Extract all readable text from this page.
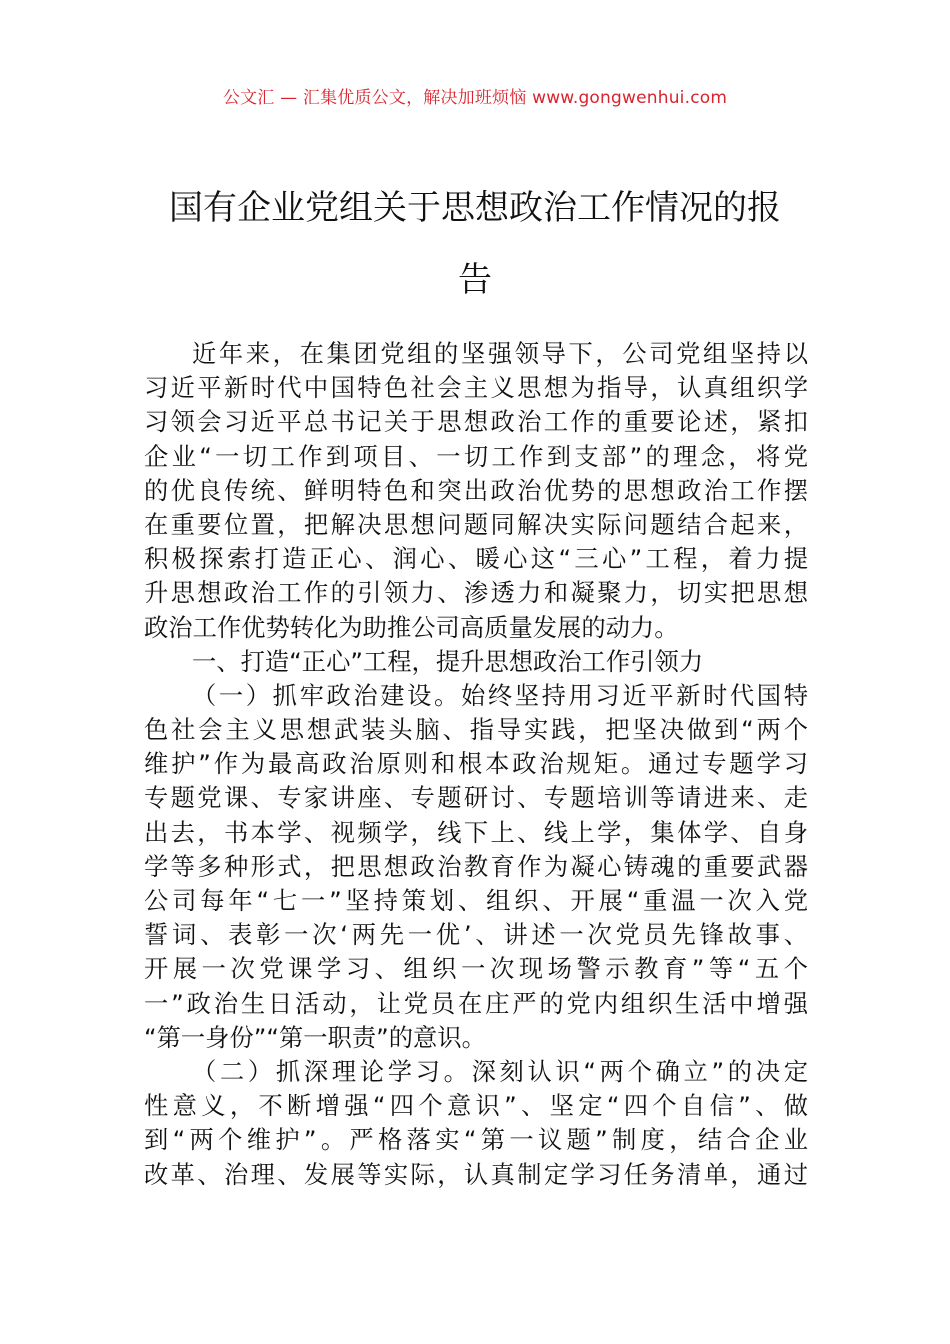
公文汇 — 汇集优质公文，解决加班烦恼 www.gongwenhui.com
国有企业党组关于思想政治工作情况的报
告
近年来，在集团党组的坚强领导下，公司党组坚持以
习近平新时代中国特色社会主义思想为指导，认真组织学
习领会习近平总书记关于思想政治工作的重要论述，紧扣
企业“一切工作到项目、一切工作到支部”的理念，将党
的优良传统、鲜明特色和突出政治优势的思想政治工作摆
在重要位置，把解决思想问题同解决实际问题结合起来，
积极探索打造正心、润心、暖心这“三心”工程，着力提
升思想政治工作的引领力、渗透力和凝聚力，切实把思想
政治工作优势转化为助推公司高质量发展的动力。
一、打造“正心”工程，提升思想政治工作引领力
（一）抓牢政治建设。始终坚持用习近平新时代国特
色社会主义思想武装头脑、指导实践，把坚决做到“两个
维护”作为最高政治原则和根本政治规矩。通过专题学习
专题党课、专家讲座、专题研讨、专题培训等请进来、走
出去，书本学、视频学，线下上、线上学，集体学、自身
学等多种形式，把思想政治教育作为凝心铸魂的重要武器
公司每年“七一”坚持策划、组织、开展“重温一次入党
誓词、表彰一次‘两先一优’、讲述一次党员先锋故事、
开展一次党课学习、组织一次现场警示教育”等“五个
一”政治生日活动，让党员在庄严的党内组织生活中增强
“第一身份”“第一职责”的意识。
（二）抓深理论学习。深刻认识“两个确立”的决定
性意义，不断增强“四个意识”、坚定“四个自信”、做
到“两个维护”。严格落实“第一议题”制度，结合企业
改革、治理、发展等实际，认真制定学习任务清单，通过
